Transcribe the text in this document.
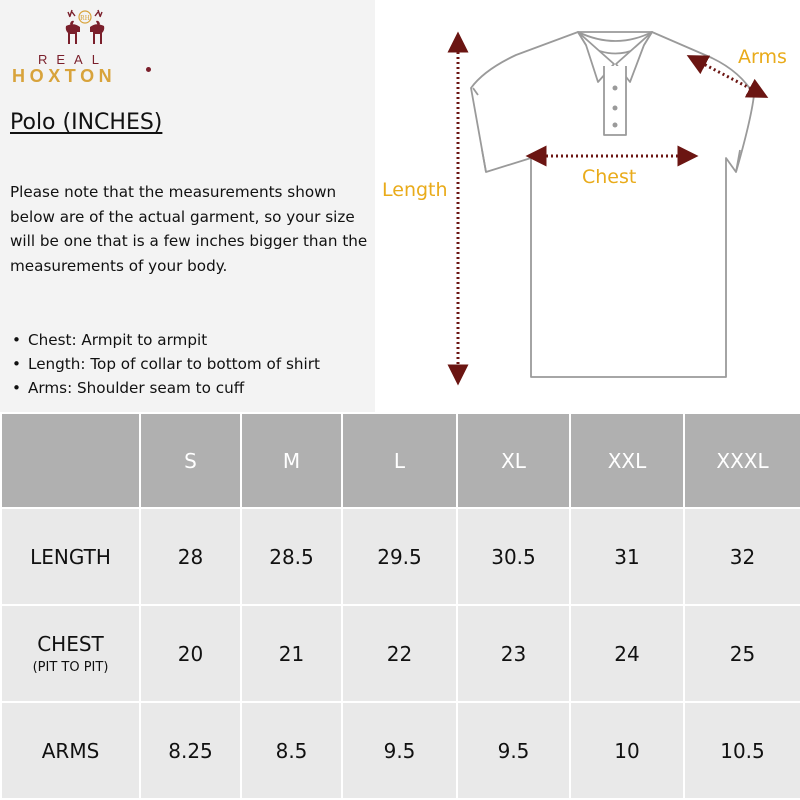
RH
REAL
HOXTON
Polo (INCHES)
Please note that the measurements shown below are of the actual garment, so your size will be one that is a few inches bigger than the measurements of your body.
• Chest: Armpit to armpit
• Length: Top of collar to bottom of shirt
• Arms: Shoulder seam to cuff
Length
Chest
Arms
	S	M	L	XL	XXL	XXXL
LENGTH	28	28.5	29.5	30.5	31	32
CHEST
(PIT TO PIT)	20	21	22	23	24	25
ARMS	8.25	8.5	9.5	9.5	10	10.5
